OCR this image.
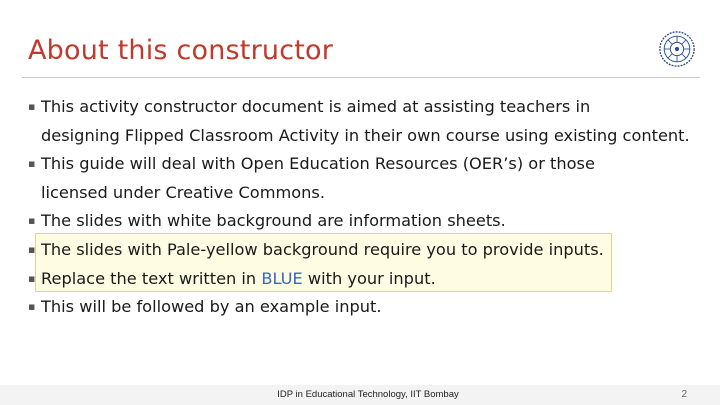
About this constructor
▪ This activity constructor document is aimed at assisting teachers in
designing Flipped Classroom Activity in their own course using existing content.
▪ This guide will deal with Open Education Resources (OER’s) or those
licensed under Creative Commons.
▪ The slides with white background are information sheets.
▪ The slides with Pale-yellow background require you to provide inputs.
▪ Replace the text written in BLUE with your input.
▪ This will be followed by an example input.
IDP in Educational Technology, IIT Bombay	2
